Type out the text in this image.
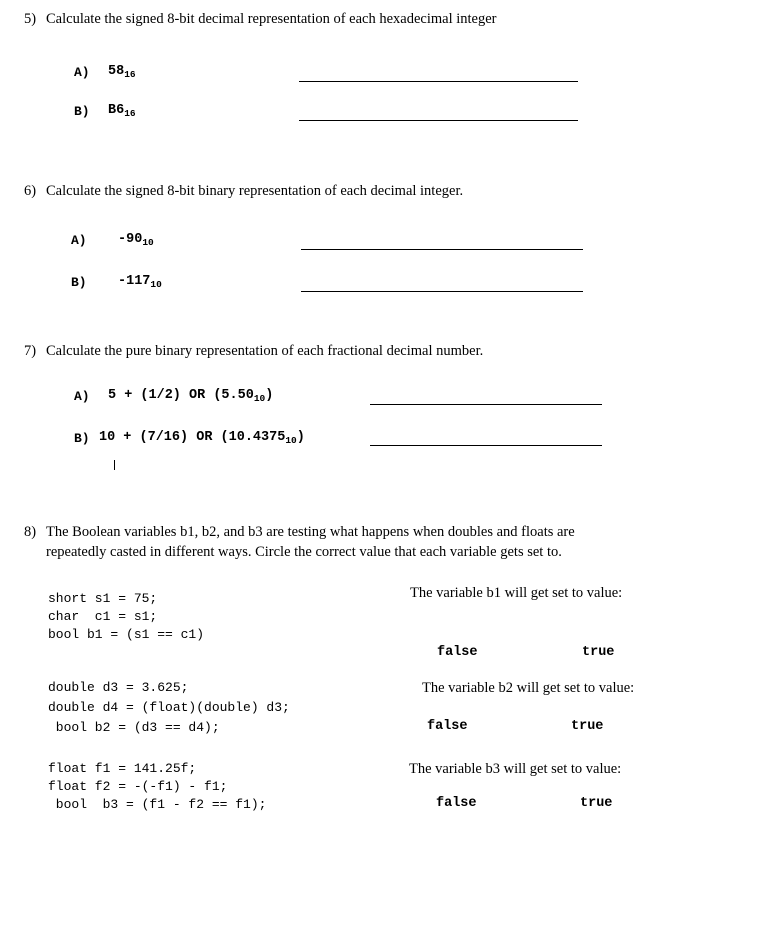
5) Calculate the signed 8-bit decimal representation of each hexadecimal integer
A) $58_{16}$
B) $B6_{16}$
6) Calculate the signed 8-bit binary representation of each decimal integer.
A) $-90_{10}$
B) $-117_{10}$
7) Calculate the pure binary representation of each fractional decimal number.
A) 5 + (1/2) OR $(5.50_{10})$
B) 10 + (7/16) OR $(10.4375_{10})$
8) The Boolean variables b1, b2, and b3 are testing what happens when doubles and floats are
repeatedly casted in different ways. Circle the correct value that each variable gets set to.
short s1 = 75;
char  c1 = s1;
bool b1 = (s1 == c1)
The variable b1 will get set to value:
false	true
double d3 = 3.625;
double d4 = (float)(double) d3;
bool b2 = (d3 == d4);
The variable b2 will get set to value:
false	true
float f1 = 141.25f;
float f2 = -(-f1) - f1;
bool  b3 = (f1 - f2 == f1);
The variable b3 will get set to value:
false	true
